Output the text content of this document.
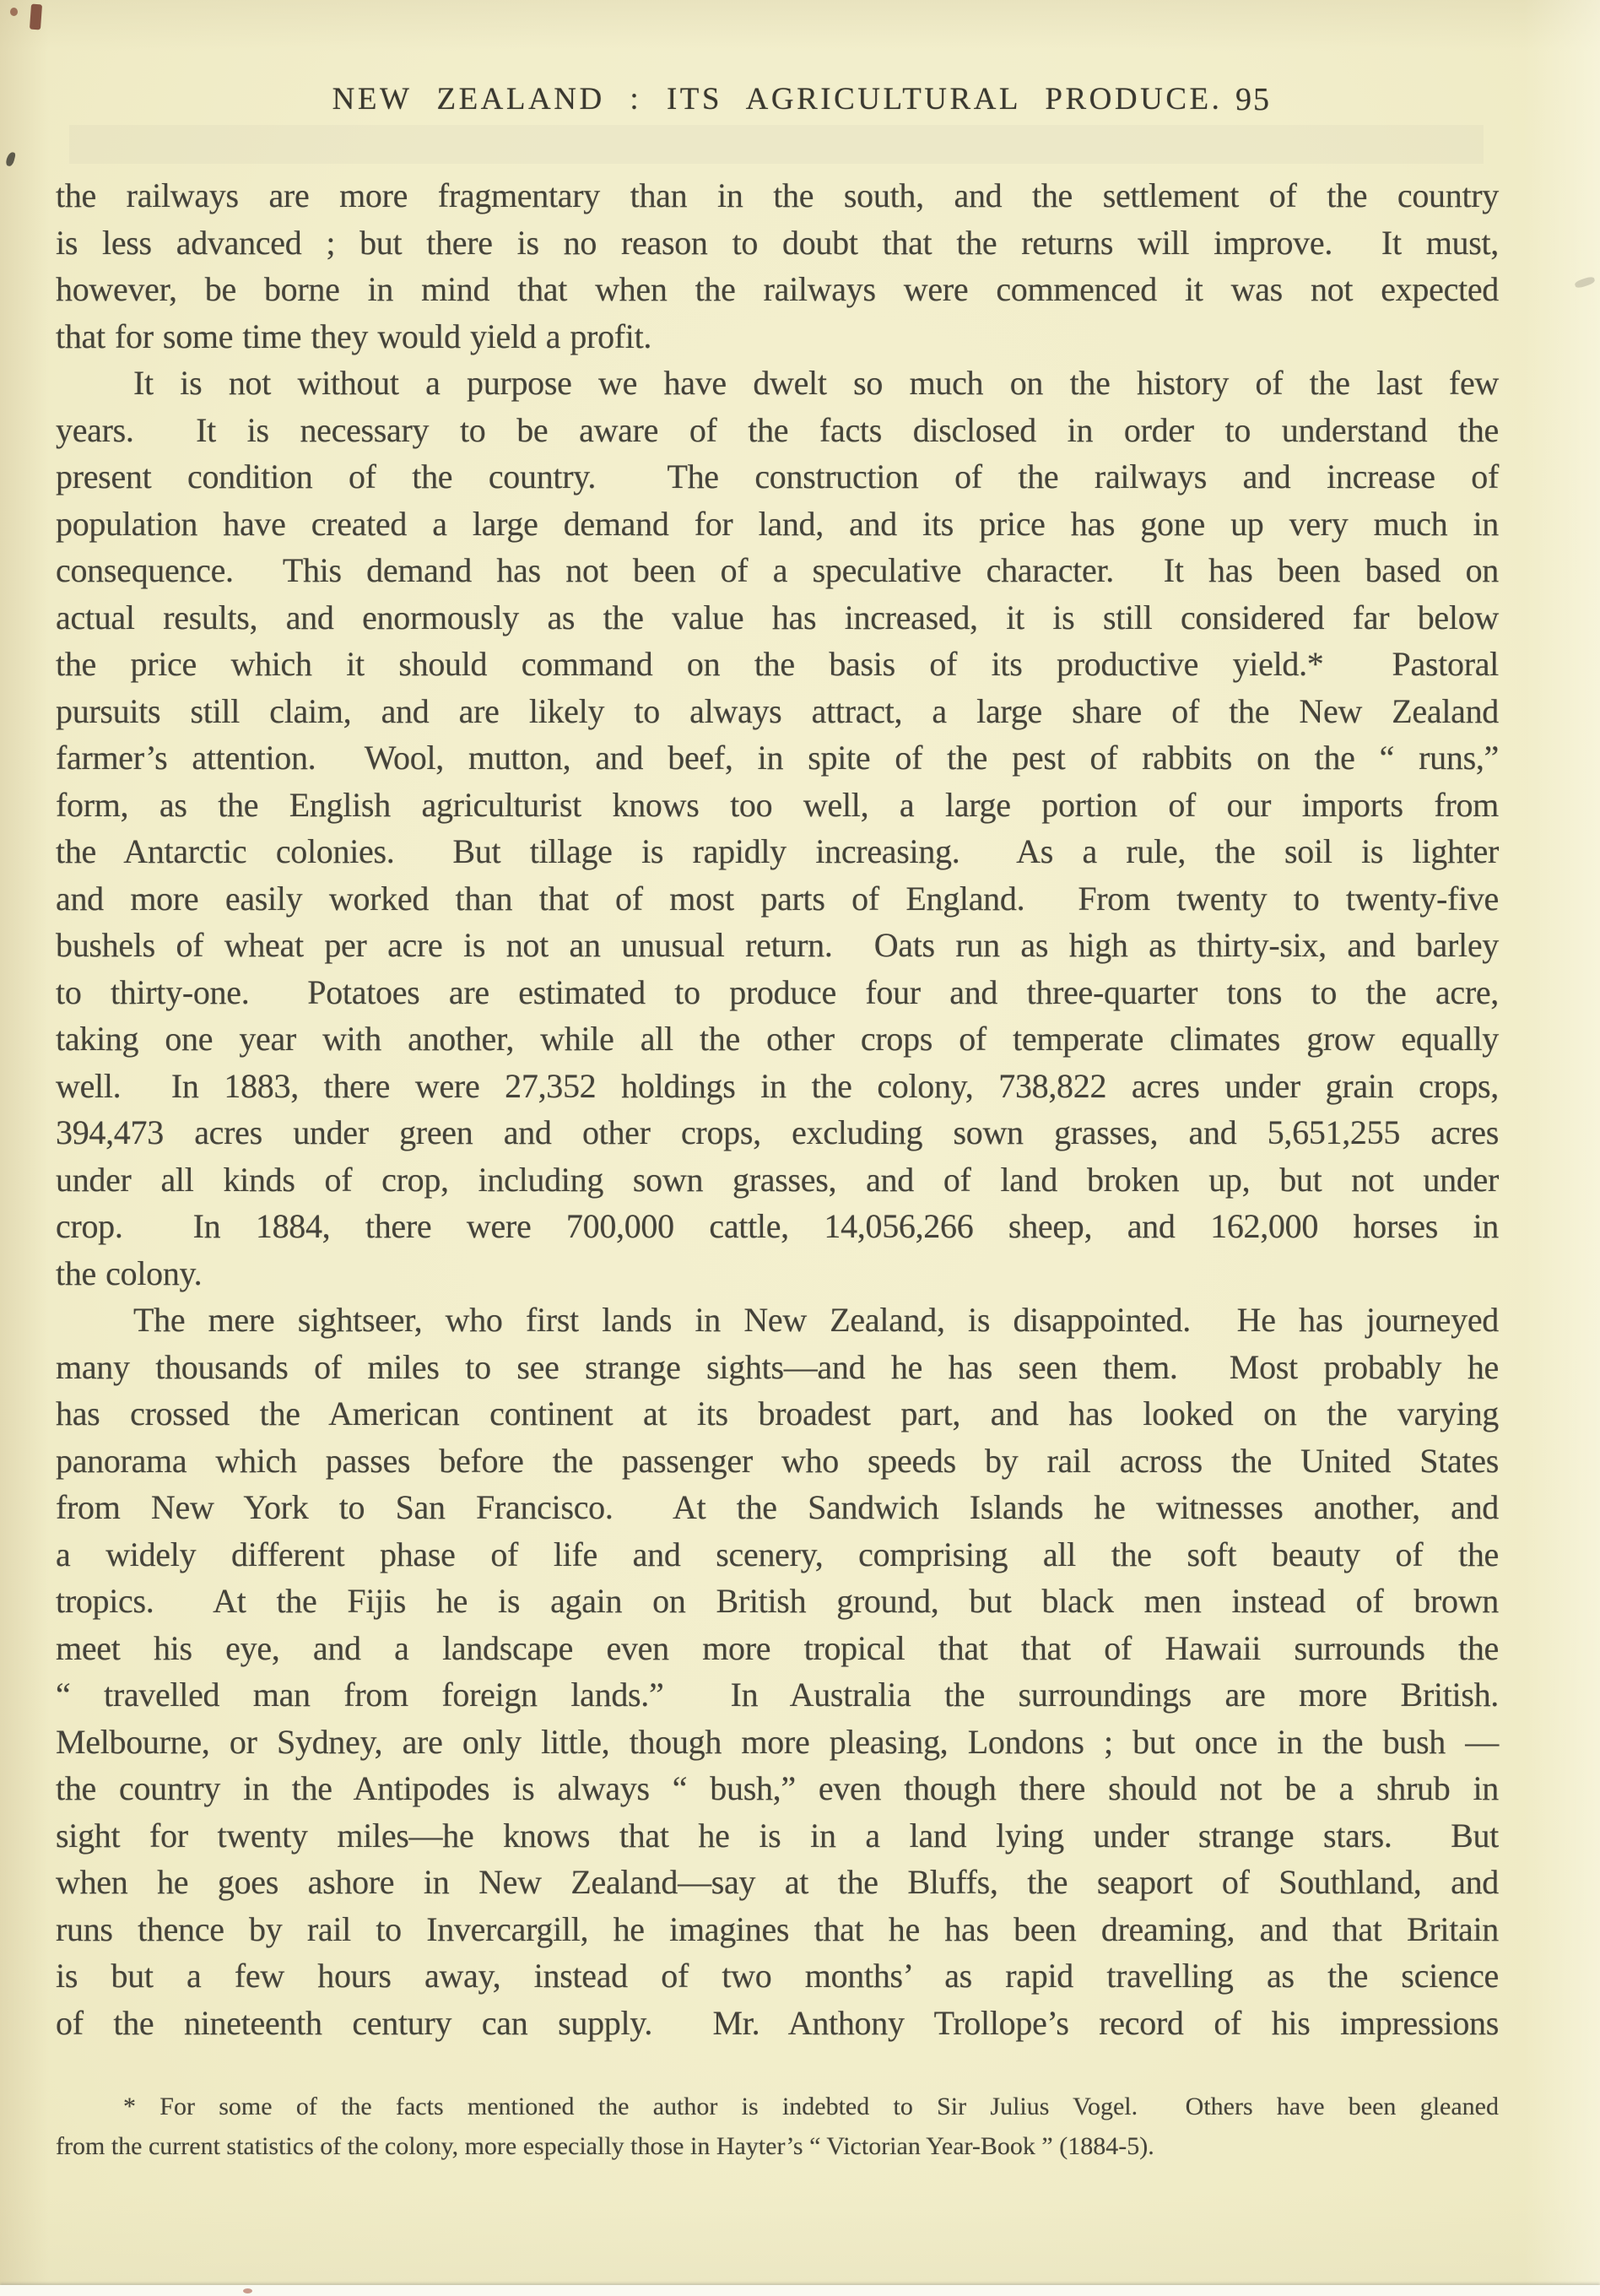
NEW ZEALAND : ITS AGRICULTURAL PRODUCE. 95
the railways are more fragmentary than in the south, and the settlement of the country
is less advanced ; but there is no reason to doubt that the returns will improve.  It must,
however, be borne in mind that when the railways were commenced it was not expected
that for some time they would yield a profit.
It is not without a purpose we have dwelt so much on the history of the last few
years.  It is necessary to be aware of the facts disclosed in order to understand the
present condition of the country.  The construction of the railways and increase of
population have created a large demand for land, and its price has gone up very much in
consequence.  This demand has not been of a speculative character.  It has been based on
actual results, and enormously as the value has increased, it is still considered far below
the price which it should command on the basis of its productive yield.*  Pastoral
pursuits still claim, and are likely to always attract, a large share of the New Zealand
farmer’s attention.  Wool, mutton, and beef, in spite of the pest of rabbits on the “ runs,”
form, as the English agriculturist knows too well, a large portion of our imports from
the Antarctic colonies.  But tillage is rapidly increasing.  As a rule, the soil is lighter
and more easily worked than that of most parts of England.  From twenty to twenty-five
bushels of wheat per acre is not an unusual return.  Oats run as high as thirty-six, and barley
to thirty-one.  Potatoes are estimated to produce four and three-quarter tons to the acre,
taking one year with another, while all the other crops of temperate climates grow equally
well.  In 1883, there were 27,352 holdings in the colony, 738,822 acres under grain crops,
394,473 acres under green and other crops, excluding sown grasses, and 5,651,255 acres
under all kinds of crop, including sown grasses, and of land broken up, but not under
crop.  In 1884, there were 700,000 cattle, 14,056,266 sheep, and 162,000 horses in
the colony.
The mere sightseer, who first lands in New Zealand, is disappointed.  He has journeyed
many thousands of miles to see strange sights—and he has seen them.  Most probably he
has crossed the American continent at its broadest part, and has looked on the varying
panorama which passes before the passenger who speeds by rail across the United States
from New York to San Francisco.  At the Sandwich Islands he witnesses another, and
a widely different phase of life and scenery, comprising all the soft beauty of the
tropics.  At the Fijis he is again on British ground, but black men instead of brown
meet his eye, and a landscape even more tropical that that of Hawaii surrounds the
“ travelled man from foreign lands.”  In Australia the surroundings are more British.
Melbourne, or Sydney, are only little, though more pleasing, Londons ; but once in the bush —
the country in the Antipodes is always “ bush,” even though there should not be a shrub in
sight for twenty miles—he knows that he is in a land lying under strange stars.  But
when he goes ashore in New Zealand—say at the Bluffs, the seaport of Southland, and
runs thence by rail to Invercargill, he imagines that he has been dreaming, and that Britain
is but a few hours away, instead of two months’ as rapid travelling as the science
of the nineteenth century can supply.  Mr. Anthony Trollope’s record of his impressions
* For some of the facts mentioned the author is indebted to Sir Julius Vogel.  Others have been gleaned
from the current statistics of the colony, more especially those in Hayter’s “ Victorian Year-Book ” (1884-5).
